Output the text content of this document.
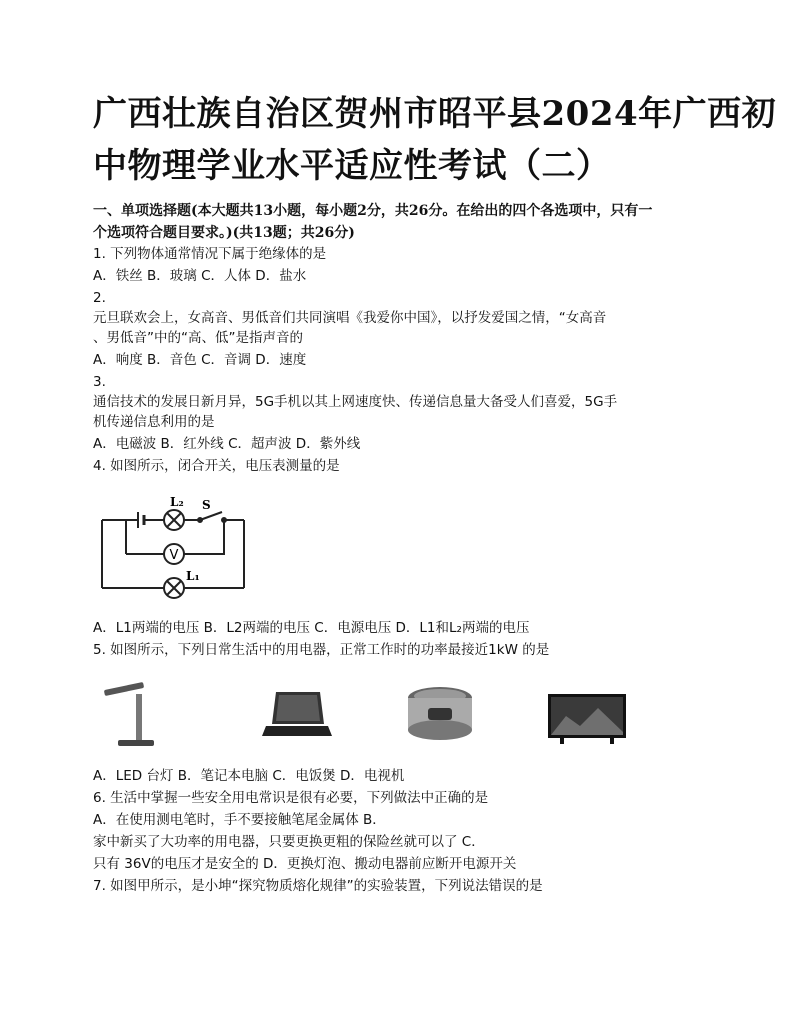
广西壮族自治区贺州市昭平县2024年广西初
中物理学业水平适应性考试（二）
一、单项选择题(本大题共13小题，每小题2分，共26分。在给出的四个各选项中，只有一
个选项符合题目要求。)(共13题；共26分)
1. 下列物体通常情况下属于绝缘体的是
A．铁丝 B．玻璃 C．人体 D．盐水
2.
元旦联欢会上，女高音、男低音们共同演唱《我爱你中国》，以抒发爱国之情，“女高音
、男低音”中的“高、低”是指声音的
A．响度 B．音色 C．音调 D．速度
3.
通信技术的发展日新月异，5G手机以其上网速度快、传递信息量大备受人们喜爱，5G手
机传递信息利用的是
A．电磁波 B．红外线 C．超声波 D．紫外线
4. 如图所示，闭合开关，电压表测量的是
V
L₂ S
L₁
A．L1两端的电压 B．L2两端的电压 C．电源电压 D．L1和L₂两端的电压
5. 如图所示，下列日常生活中的用电器，正常工作时的功率最接近1kW 的是
A．LED 台灯 B．笔记本电脑 C．电饭煲 D．电视机
6. 生活中掌握一些安全用电常识是很有必要，下列做法中正确的是
A．在使用测电笔时，手不要接触笔尾金属体 B．
家中新买了大功率的用电器，只要更换更粗的保险丝就可以了 C．
只有 36V的电压才是安全的 D．更换灯泡、搬动电器前应断开电源开关
7. 如图甲所示，是小坤“探究物质熔化规律”的实验装置，下列说法错误的是
